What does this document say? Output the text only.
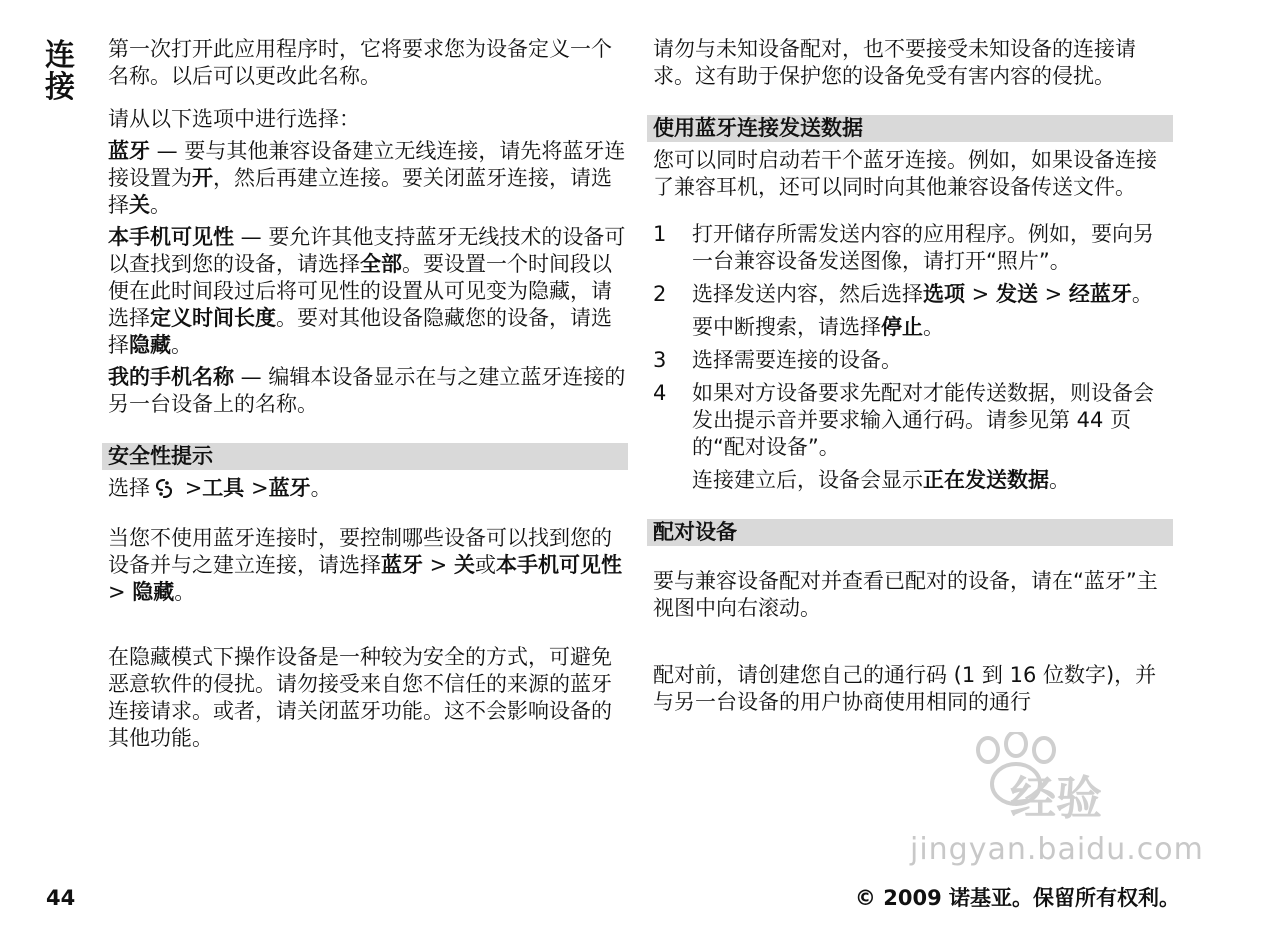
连
接

第一次打开此应用程序时，它将要求您为设备定义一个名称。以后可以更改此名称。

请从以下选项中进行选择：

蓝牙 — 要与其他兼容设备建立无线连接，请先将蓝牙连接设置为开，然后再建立连接。要关闭蓝牙连接，请选择关。

本手机可见性 — 要允许其他支持蓝牙无线技术的设备可以查找到您的设备，请选择全部。要设置一个时间段以便在此时间段过后将可见性的设置从可见变为隐藏，请选择定义时间长度。要对其他设备隐藏您的设备，请选择隐藏。

我的手机名称 — 编辑本设备显示在与之建立蓝牙连接的另一台设备上的名称。

安全性提示

选择 >工具 >蓝牙。

当您不使用蓝牙连接时，要控制哪些设备可以找到您的设备并与之建立连接，请选择蓝牙 > 关或本手机可见性 > 隐藏。

在隐藏模式下操作设备是一种较为安全的方式，可避免恶意软件的侵扰。请勿接受来自您不信任的来源的蓝牙连接请求。或者，请关闭蓝牙功能。这不会影响设备的其他功能。

请勿与未知设备配对，也不要接受未知设备的连接请求。这有助于保护您的设备免受有害内容的侵扰。

使用蓝牙连接发送数据

您可以同时启动若干个蓝牙连接。例如，如果设备连接了兼容耳机，还可以同时向其他兼容设备传送文件。

1 打开储存所需发送内容的应用程序。例如，要向另一台兼容设备发送图像，请打开“照片”。

2 选择发送内容，然后选择选项 > 发送 > 经蓝牙。

要中断搜索，请选择停止。

3 选择需要连接的设备。

4 如果对方设备要求先配对才能传送数据，则设备会发出提示音并要求输入通行码。请参见第 44 页的“配对设备”。

连接建立后，设备会显示正在发送数据。

配对设备

要与兼容设备配对并查看已配对的设备，请在“蓝牙”主视图中向右滚动。

配对前，请创建您自己的通行码 (1 到 16 位数字)，并与另一台设备的用户协商使用相同的通行

经验
jingyan.baidu.com
44	© 2009 诺基亚。保留所有权利。
